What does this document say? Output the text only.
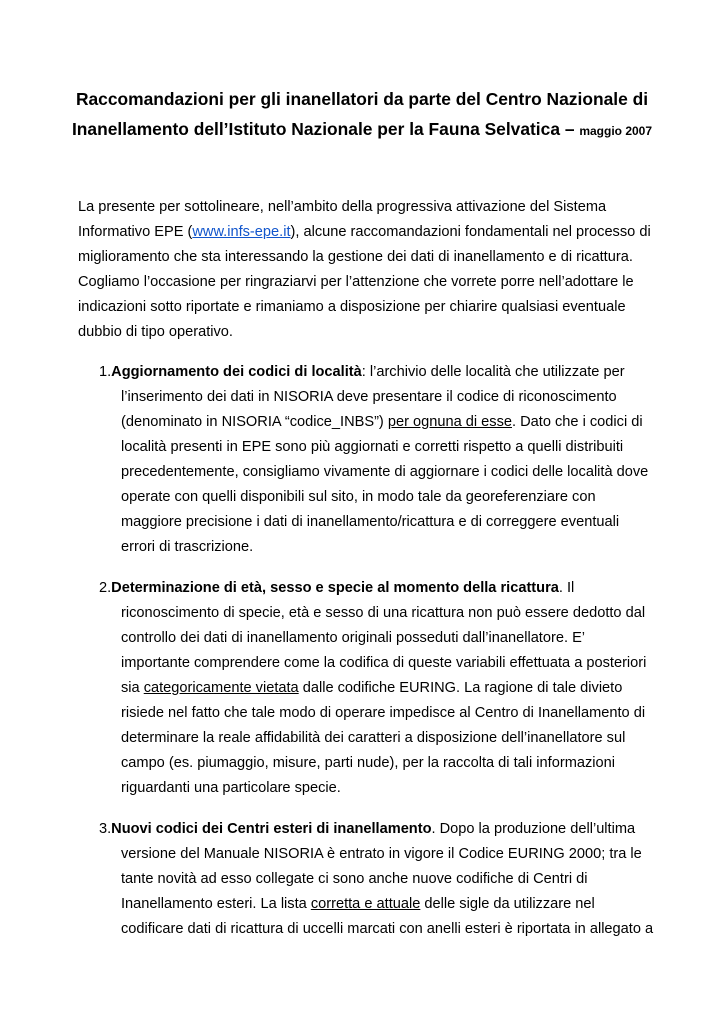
Raccomandazioni per gli inanellatori da parte del Centro Nazionale di
Inanellamento dell’Istituto Nazionale per la Fauna Selvatica – maggio 2007
La presente per sottolineare, nell’ambito della progressiva attivazione del Sistema
Informativo EPE (www.infs-epe.it), alcune raccomandazioni fondamentali nel processo di
miglioramento che sta interessando la gestione dei dati di inanellamento e di ricattura.
Cogliamo l’occasione per ringraziarvi per l’attenzione che vorrete porre nell’adottare le
indicazioni sotto riportate e rimaniamo a disposizione per chiarire qualsiasi eventuale
dubbio di tipo operativo.
1.Aggiornamento dei codici di località: l’archivio delle località che utilizzate per
l’inserimento dei dati in NISORIA deve presentare il codice di riconoscimento
(denominato in NISORIA “codice_INBS”) per ognuna di esse. Dato che i codici di
località presenti in EPE sono più aggiornati e corretti rispetto a quelli distribuiti
precedentemente, consigliamo vivamente di aggiornare i codici delle località dove
operate con quelli disponibili sul sito, in modo tale da georeferenziare con
maggiore precisione i dati di inanellamento/ricattura e di correggere eventuali
errori di trascrizione.
2.Determinazione di età, sesso e specie al momento della ricattura. Il
riconoscimento di specie, età e sesso di una ricattura non può essere dedotto dal
controllo dei dati di inanellamento originali posseduti dall’inanellatore. E’
importante comprendere come la codifica di queste variabili effettuata a posteriori
sia categoricamente vietata dalle codifiche EURING. La ragione di tale divieto
risiede nel fatto che tale modo di operare impedisce al Centro di Inanellamento di
determinare la reale affidabilità dei caratteri a disposizione dell’inanellatore sul
campo (es. piumaggio, misure, parti nude), per la raccolta di tali informazioni
riguardanti una particolare specie.
3.Nuovi codici dei Centri esteri di inanellamento. Dopo la produzione dell’ultima
versione del Manuale NISORIA è entrato in vigore il Codice EURING 2000; tra le
tante novità ad esso collegate ci sono anche nuove codifiche di Centri di
Inanellamento esteri. La lista corretta e attuale delle sigle da utilizzare nel
codificare dati di ricattura di uccelli marcati con anelli esteri è riportata in allegato a
